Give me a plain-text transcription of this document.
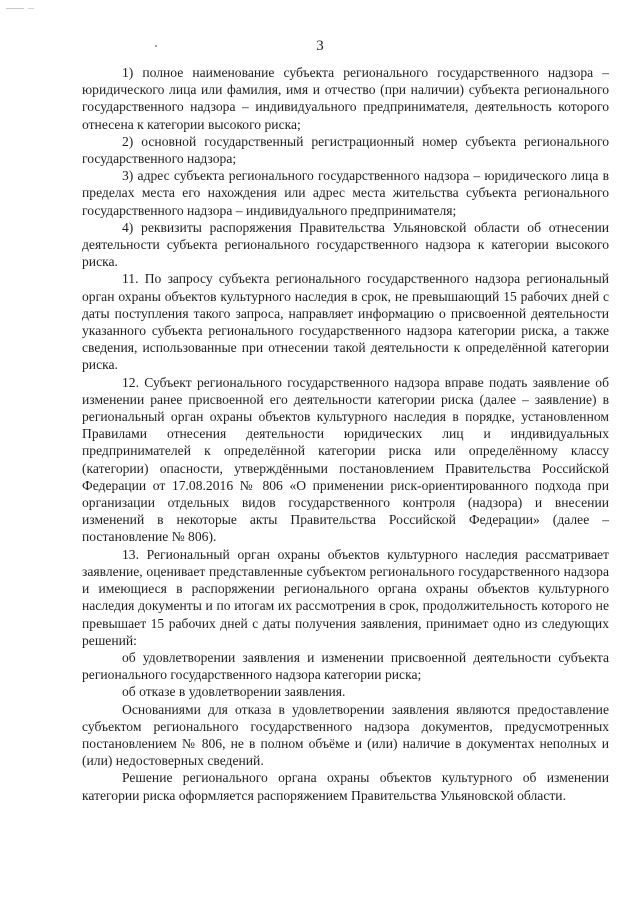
3

1) полное наименование субъекта регионального государственного надзора – юридического лица или фамилия, имя и отчество (при наличии) субъекта регионального государственного надзора – индивидуального предпринимателя, деятельность которого отнесена к категории высокого риска;

2) основной государственный регистрационный номер субъекта регионального государственного надзора;

3) адрес субъекта регионального государственного надзора – юридического лица в пределах места его нахождения или адрес места жительства субъекта регионального государственного надзора – индивидуального предпринимателя;

4) реквизиты распоряжения Правительства Ульяновской области об отнесении деятельности субъекта регионального государственного надзора к категории высокого риска.

11. По запросу субъекта регионального государственного надзора региональный орган охраны объектов культурного наследия в срок, не превышающий 15 рабочих дней с даты поступления такого запроса, направляет информацию о присвоенной деятельности указанного субъекта регионального государственного надзора категории риска, а также сведения, использованные при отнесении такой деятельности к определённой категории риска.

12. Субъект регионального государственного надзора вправе подать заявление об изменении ранее присвоенной его деятельности категории риска (далее – заявление) в региональный орган охраны объектов культурного наследия в порядке, установленном Правилами отнесения деятельности юридических лиц и индивидуальных предпринимателей к определённой категории риска или определённому классу (категории) опасности, утверждёнными постановлением Правительства Российской Федерации от 17.08.2016 № 806 «О применении риск-ориентированного подхода при организации отдельных видов государственного контроля (надзора) и внесении изменений в некоторые акты Правительства Российской Федерации» (далее – постановление № 806).

13. Региональный орган охраны объектов культурного наследия рассматривает заявление, оценивает представленные субъектом регионального государственного надзора и имеющиеся в распоряжении регионального органа охраны объектов культурного наследия документы и по итогам их рассмотрения в срок, продолжительность которого не превышает 15 рабочих дней с даты получения заявления, принимает одно из следующих решений:

об удовлетворении заявления и изменении присвоенной деятельности субъекта регионального государственного надзора категории риска;

об отказе в удовлетворении заявления.

Основаниями для отказа в удовлетворении заявления являются предоставление субъектом регионального государственного надзора документов, предусмотренных постановлением № 806, не в полном объёме и (или) наличие в документах неполных и (или) недостоверных сведений.

Решение регионального органа охраны объектов культурного об изменении категории риска оформляется распоряжением Правительства Ульяновской области.
